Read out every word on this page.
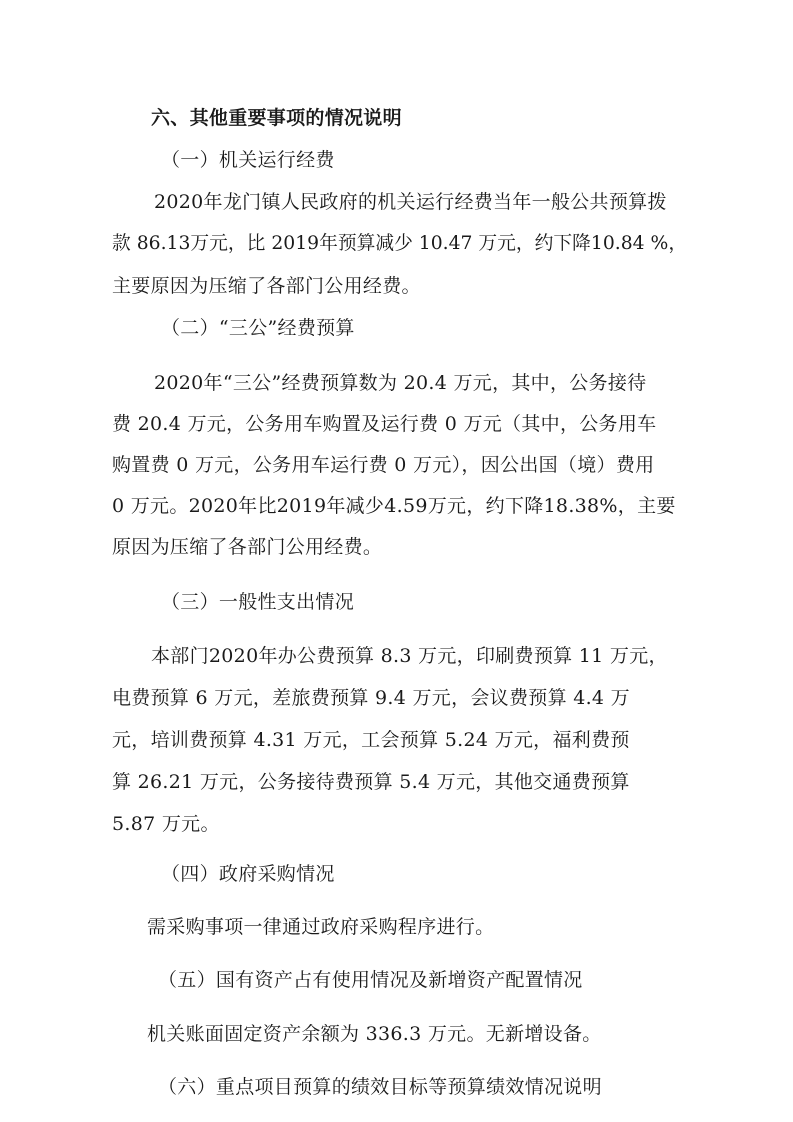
六、其他重要事项的情况说明
（一）机关运行经费
2020年龙门镇人民政府的机关运行经费当年一般公共预算拨
款 86.13万元，比 2019年预算减少 10.47 万元，约下降10.84 %，
主要原因为压缩了各部门公用经费。
（二）“三公”经费预算
2020年“三公”经费预算数为 20.4 万元，其中，公务接待
费 20.4 万元，公务用车购置及运行费 0 万元（其中，公务用车
购置费 0 万元，公务用车运行费 0 万元），因公出国（境）费用
0 万元。2020年比2019年减少4.59万元，约下降18.38%，主要
原因为压缩了各部门公用经费。
（三）一般性支出情况
本部门2020年办公费预算 8.3 万元，印刷费预算 11 万元，
电费预算 6 万元，差旅费预算 9.4 万元，会议费预算 4.4 万
元，培训费预算 4.31 万元，工会预算 5.24 万元，福利费预
算 26.21 万元，公务接待费预算 5.4 万元，其他交通费预算
5.87 万元。
（四）政府采购情况
需采购事项一律通过政府采购程序进行。
（五）国有资产占有使用情况及新增资产配置情况
机关账面固定资产余额为 336.3 万元。无新增设备。
（六）重点项目预算的绩效目标等预算绩效情况说明
